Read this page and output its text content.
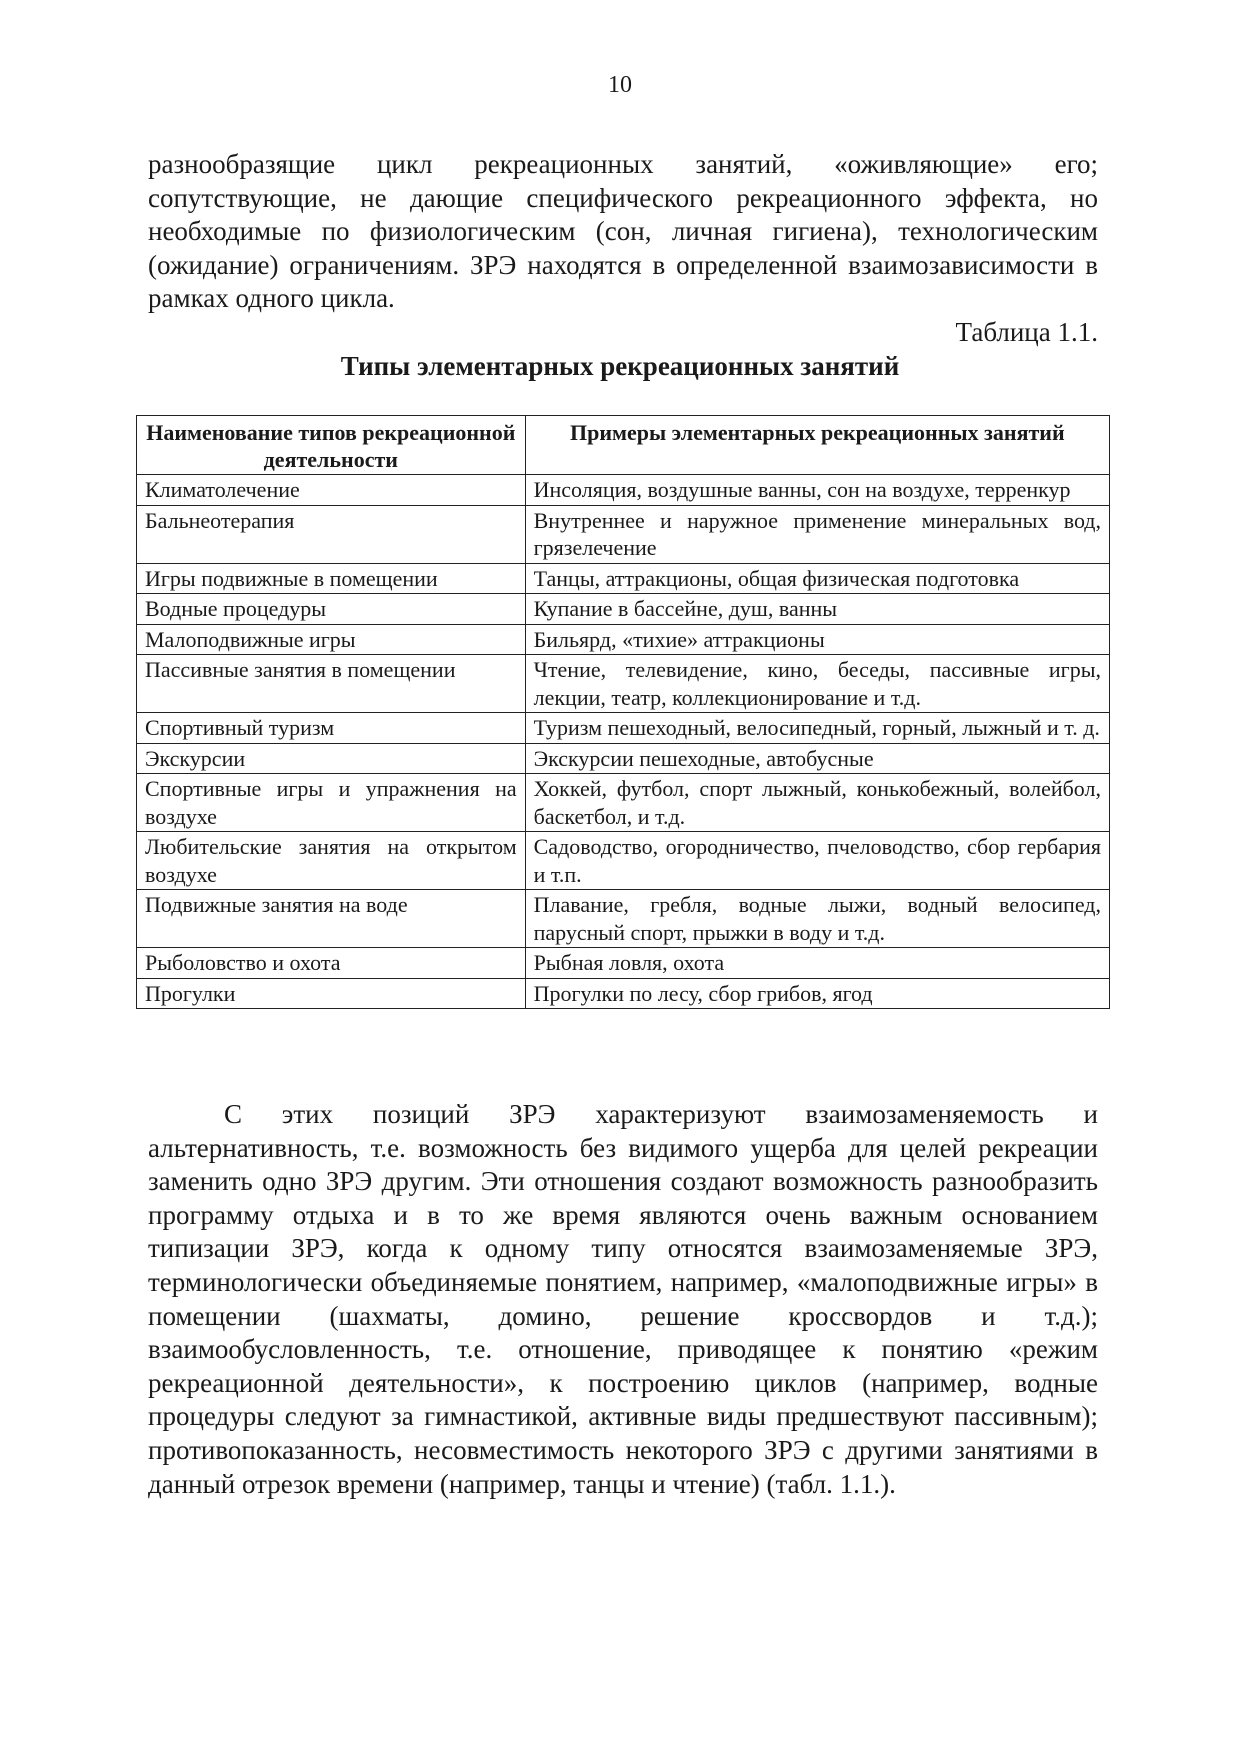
10

разнообразящие цикл рекреационных занятий, «оживляющие» его; сопутствующие, не дающие специфического рекреационного эффекта, но необходимые по физиологическим (сон, личная гигиена), технологическим (ожидание) ограничениям. ЗРЭ находятся в определенной взаимозависимости в рамках одного цикла.

Таблица 1.1.
Типы элементарных рекреационных занятий
Наименование типов рекреационной деятельности	Примеры элементарных рекреационных занятий
Климатолечение	Инсоляция, воздушные ванны, сон на воздухе, терренкур
Бальнеотерапия	Внутреннее и наружное применение минеральных вод, грязелечение
Игры подвижные в помещении	Танцы, аттракционы, общая физическая подготовка
Водные процедуры	Купание в бассейне, душ, ванны
Малоподвижные игры	Бильярд, «тихие» аттракционы
Пассивные занятия в помещении	Чтение, телевидение, кино, беседы, пассивные игры, лекции, театр, коллекционирование и т.д.
Спортивный туризм	Туризм пешеходный, велосипедный, горный, лыжный и т. д.
Экскурсии	Экскурсии пешеходные, автобусные
Спортивные игры и упражнения на воздухе	Хоккей, футбол, спорт лыжный, конькобежный, волейбол, баскетбол, и т.д.
Любительские занятия на открытом воздухе	Садоводство, огородничество, пчеловодство, сбор гербария и т.п.
Подвижные занятия на воде	Плавание, гребля, водные лыжи, водный велосипед, парусный спорт, прыжки в воду и т.д.
Рыболовство и охота	Рыбная ловля, охота
Прогулки	Прогулки по лесу, сбор грибов, ягод

С этих позиций ЗРЭ характеризуют взаимозаменяемость и альтернативность, т.е. возможность без видимого ущерба для целей рекреации заменить одно ЗРЭ другим. Эти отношения создают возможность разнообразить программу отдыха и в то же время являются очень важным основанием типизации ЗРЭ, когда к одному типу относятся взаимозаменяемые ЗРЭ, терминологически объединяемые понятием, например, «малоподвижные игры» в помещении (шахматы, домино, решение кроссвордов и т.д.); взаимообусловленность, т.е. отношение, приводящее к понятию «режим рекреационной деятельности», к построению циклов (например, водные процедуры следуют за гимнастикой, активные виды предшествуют пассивным); противопоказанность, несовместимость некоторого ЗРЭ с другими занятиями в данный отрезок времени (например, танцы и чтение) (табл. 1.1.).
